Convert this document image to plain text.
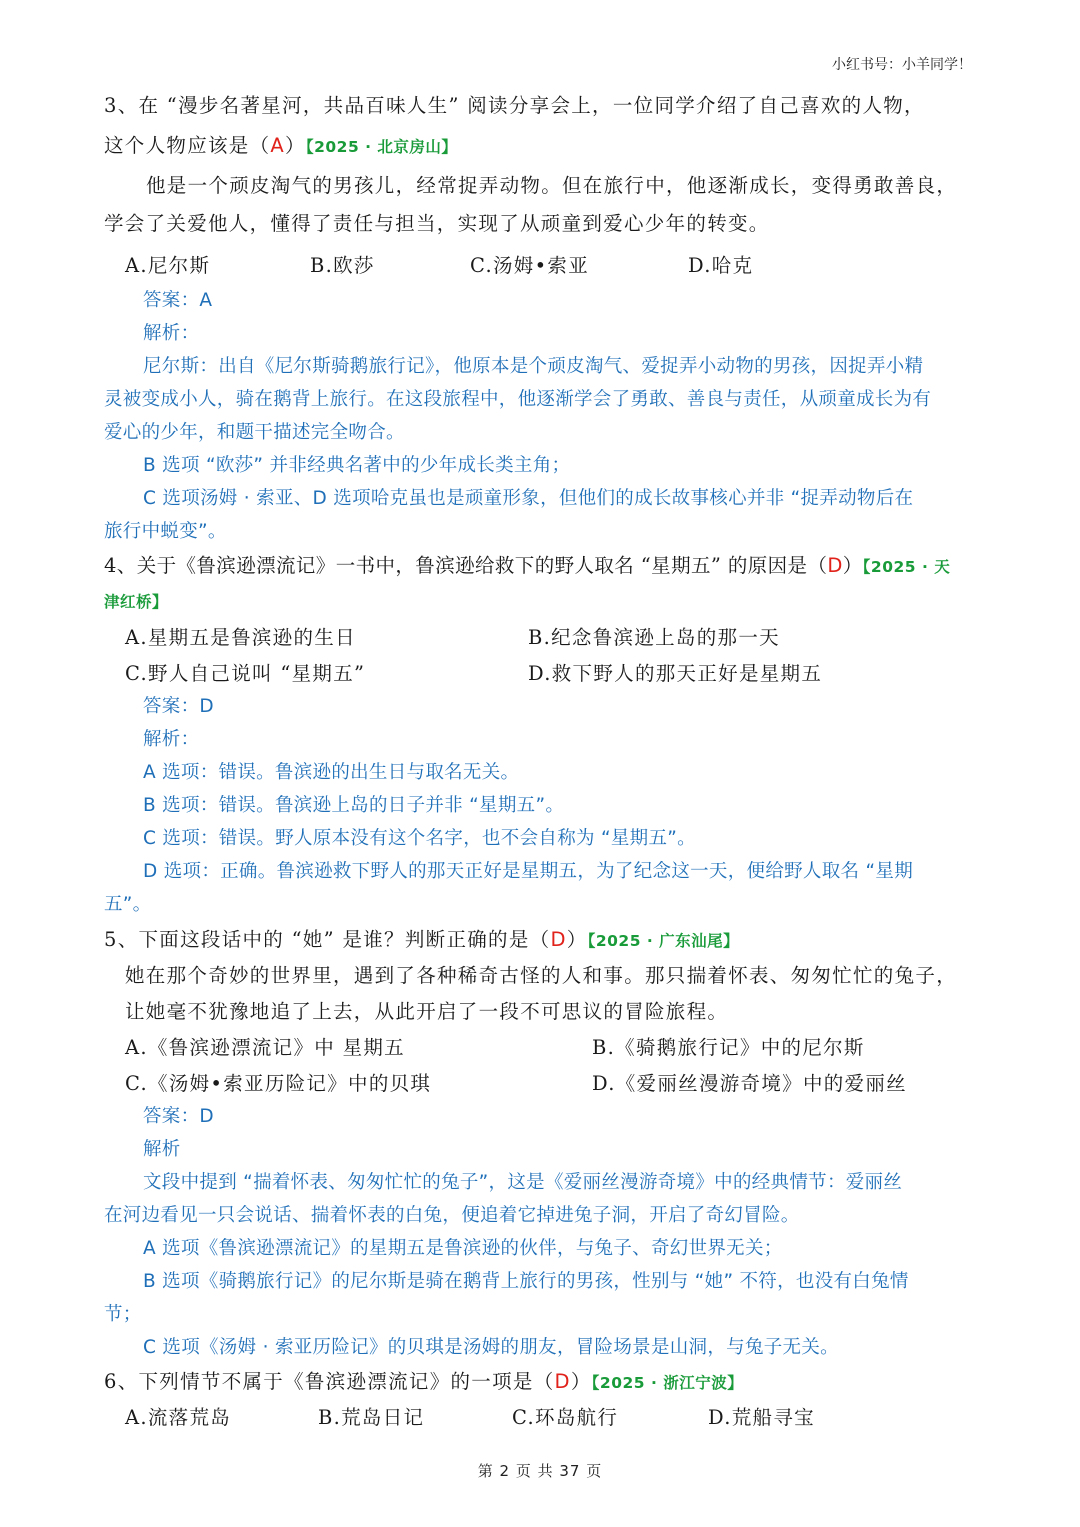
小红书号：小羊同学！
3、在 “漫步名著星河，共品百味人生” 阅读分享会上，一位同学介绍了自己喜欢的人物，
这个人物应该是（A）【2025 · 北京房山】
他是一个顽皮淘气的男孩儿，经常捉弄动物。但在旅行中，他逐渐成长，变得勇敢善良，
学会了关爱他人，懂得了责任与担当，实现了从顽童到爱心少年的转变。
A.尼尔斯	B.欧莎	C.汤姆•索亚	D.哈克
答案：A
解析：
尼尔斯：出自《尼尔斯骑鹅旅行记》，他原本是个顽皮淘气、爱捉弄小动物的男孩，因捉弄小精
灵被变成小人，骑在鹅背上旅行。在这段旅程中，他逐渐学会了勇敢、善良与责任，从顽童成长为有
爱心的少年，和题干描述完全吻合。
B 选项 “欧莎” 并非经典名著中的少年成长类主角；
C 选项汤姆 · 索亚、D 选项哈克虽也是顽童形象，但他们的成长故事核心并非 “捉弄动物后在
旅行中蜕变”。
4、关于《鲁滨逊漂流记》一书中，鲁滨逊给救下的野人取名 “星期五” 的原因是（D）【2025 · 天
津红桥】
A.星期五是鲁滨逊的生日	B.纪念鲁滨逊上岛的那一天
C.野人自己说叫 “星期五”	D.救下野人的那天正好是星期五
答案：D
解析：
A 选项：错误。鲁滨逊的出生日与取名无关。
B 选项：错误。鲁滨逊上岛的日子并非 “星期五”。
C 选项：错误。野人原本没有这个名字，也不会自称为 “星期五”。
D 选项：正确。鲁滨逊救下野人的那天正好是星期五，为了纪念这一天，便给野人取名 “星期
五”。
5、下面这段话中的 “她” 是谁？判断正确的是（D）【2025 · 广东汕尾】
她在那个奇妙的世界里，遇到了各种稀奇古怪的人和事。那只揣着怀表、匆匆忙忙的兔子，
让她毫不犹豫地追了上去，从此开启了一段不可思议的冒险旅程。
A.《鲁滨逊漂流记》中 星期五	B.《骑鹅旅行记》中的尼尔斯
C.《汤姆•索亚历险记》中的贝琪	D.《爱丽丝漫游奇境》中的爱丽丝
答案：D
解析
文段中提到 “揣着怀表、匆匆忙忙的兔子”，这是《爱丽丝漫游奇境》中的经典情节：爱丽丝
在河边看见一只会说话、揣着怀表的白兔，便追着它掉进兔子洞，开启了奇幻冒险。
A 选项《鲁滨逊漂流记》的星期五是鲁滨逊的伙伴，与兔子、奇幻世界无关；
B 选项《骑鹅旅行记》的尼尔斯是骑在鹅背上旅行的男孩，性别与 “她” 不符，也没有白兔情
节；
C 选项《汤姆 · 索亚历险记》的贝琪是汤姆的朋友，冒险场景是山洞，与兔子无关。
6、下列情节不属于《鲁滨逊漂流记》的一项是（D）【2025 · 浙江宁波】
A.流落荒岛	B.荒岛日记	C.环岛航行	D.荒船寻宝
第 2 页 共 37 页
